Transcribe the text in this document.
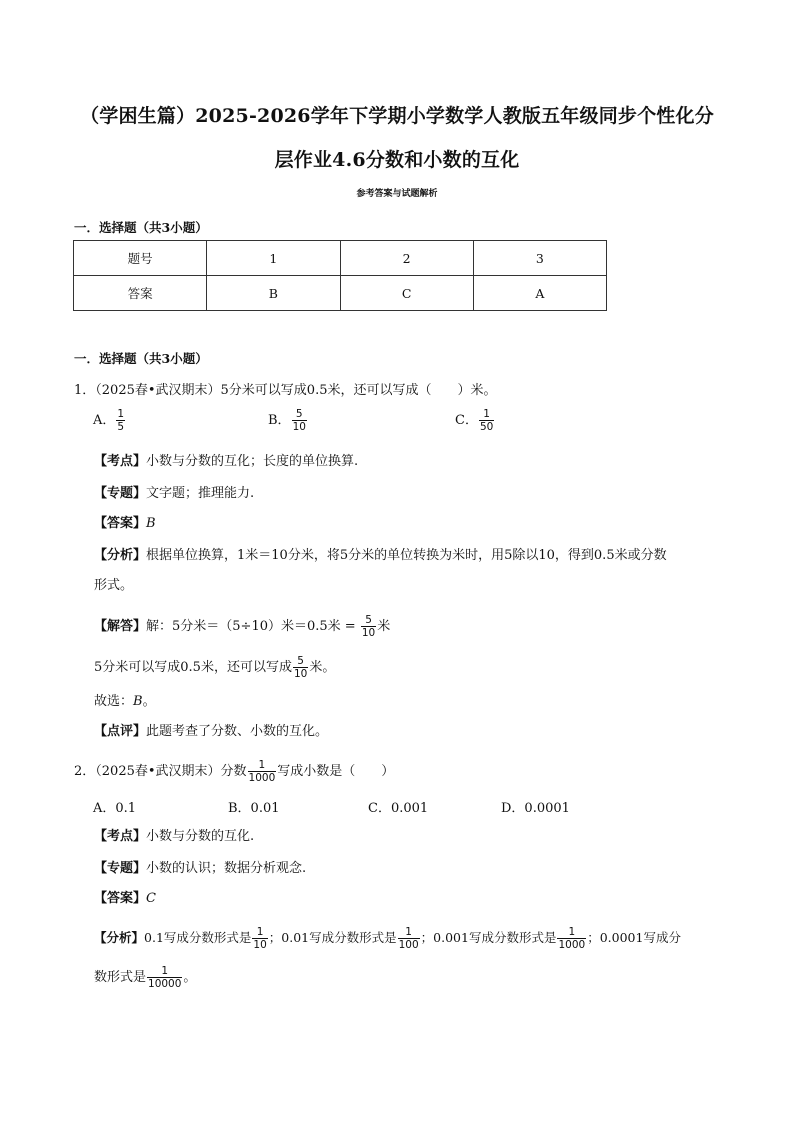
（学困生篇）2025-2026学年下学期小学数学人教版五年级同步个性化分
层作业4.6分数和小数的互化
参考答案与试题解析
一．选择题（共3小题）
题号	1	2	3
答案	B	C	A
一．选择题（共3小题）
1．（2025春•武汉期末）5分米可以写成0.5米，还可以写成（　　）米。
A． $\frac{1}{5}$	B． $\frac{5}{10}$	C． $\frac{1}{50}$
【考点】小数与分数的互化；长度的单位换算.
【专题】文字题；推理能力.
【答案】B
【分析】根据单位换算，1米＝10分米，将5分米的单位转换为米时，用5除以10，得到0.5米或分数
形式。
【解答】解：5分米＝（5÷10）米＝0.5米 = $\frac{5}{10}$ 米
5分米可以写成0.5米，还可以写成 $\frac{5}{10}$ 米。
故选：B。
【点评】此题考查了分数、小数的互化。
2．（2025春•武汉期末）分数 $\frac{1}{1000}$ 写成小数是（　　）
A．0.1	B．0.01	C．0.001	D．0.0001
【考点】小数与分数的互化.
【专题】小数的认识；数据分析观念.
【答案】C
【分析】0.1写成分数形式是 $\frac{1}{10}$ ；0.01写成分数形式是 $\frac{1}{100}$ ；0.001写成分数形式是 $\frac{1}{1000}$ ；0.0001写成分
数形式是 $\frac{1}{10000}$ 。
